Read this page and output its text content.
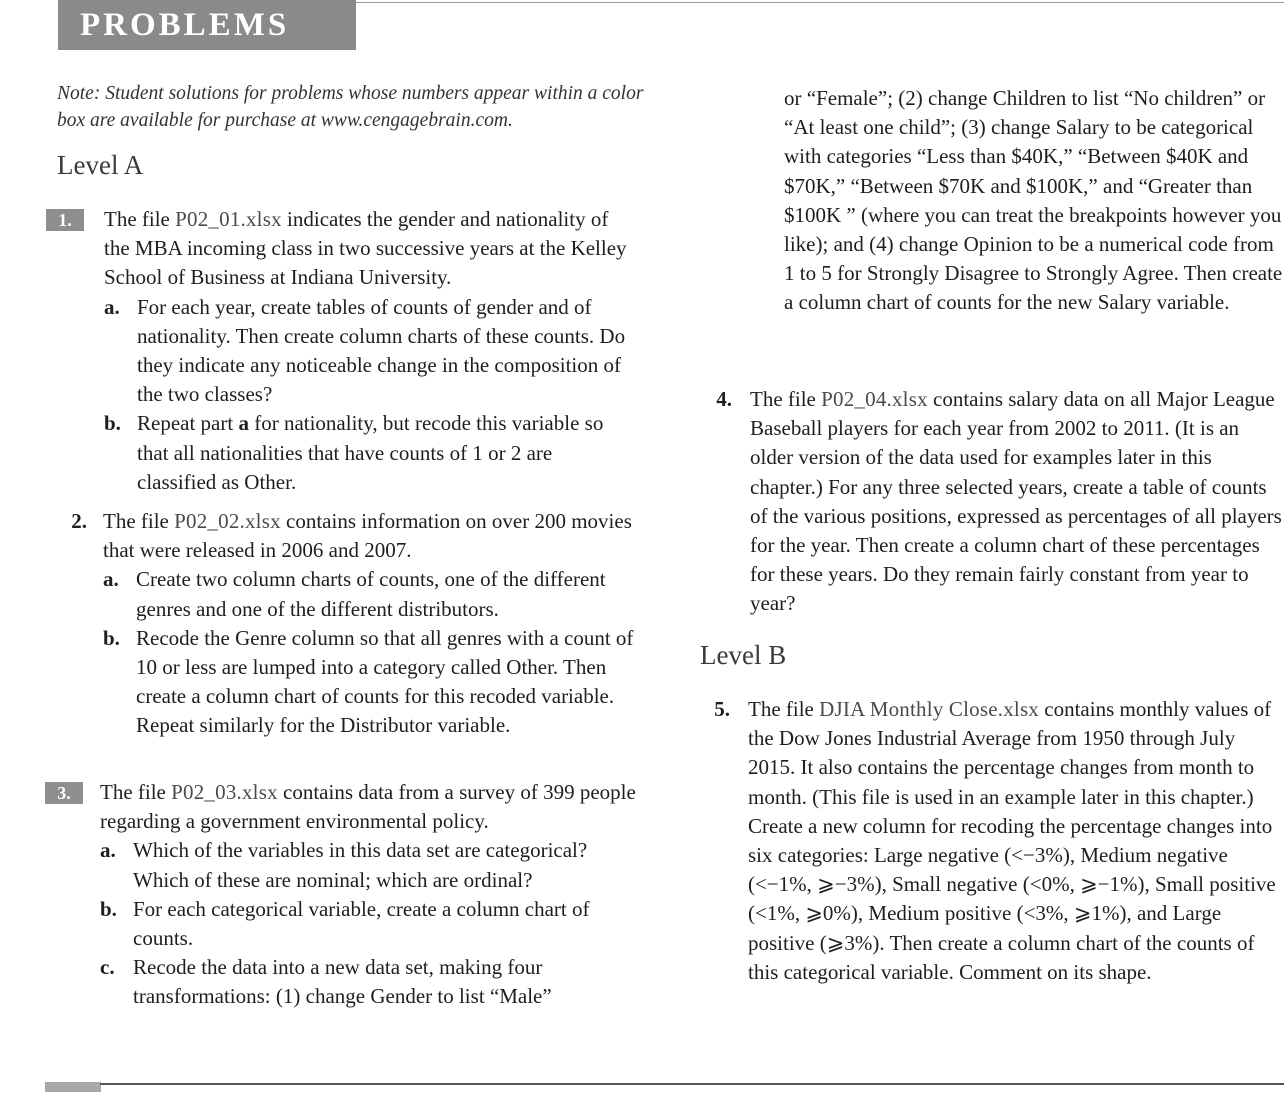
PROBLEMS
Note: Student solutions for problems whose numbers appear within a color box are available for purchase at www.cengagebrain.com.
Level A
1.	The file P02_01.xlsx indicates the gender and nationality of the MBA incoming class in two successive years at the Kelley School of Business at Indiana University.
a. For each year, create tables of counts of gender and of nationality. Then create column charts of these counts. Do they indicate any noticeable change in the composition of the two classes?
b. Repeat part a for nationality, but recode this variable so that all nationalities that have counts of 1 or 2 are classified as Other.
2. The file P02_02.xlsx contains information on over 200 movies that were released in 2006 and 2007.
a. Create two column charts of counts, one of the different genres and one of the different distributors.
b. Recode the Genre column so that all genres with a count of 10 or less are lumped into a category called Other. Then create a column chart of counts for this recoded variable. Repeat similarly for the Distributor variable.
3.	The file P02_03.xlsx contains data from a survey of 399 people regarding a government environmental policy.
a. Which of the variables in this data set are categorical? Which of these are nominal; which are ordinal?
b. For each categorical variable, create a column chart of counts.
c. Recode the data into a new data set, making four transformations: (1) change Gender to list “Male”
or “Female”; (2) change Children to list “No children” or “At least one child”; (3) change Salary to be categorical with categories “Less than $40K,” “Between $40K and $70K,” “Between $70K and $100K,” and “Greater than $100K ” (where you can treat the breakpoints however you like); and (4) change Opinion to be a numerical code from 1 to 5 for Strongly Disagree to Strongly Agree. Then create a column chart of counts for the new Salary variable.
4. The file P02_04.xlsx contains salary data on all Major League Baseball players for each year from 2002 to 2011. (It is an older version of the data used for examples later in this chapter.) For any three selected years, create a table of counts of the various positions, expressed as percentages of all players for the year. Then create a column chart of these percentages for these years. Do they remain fairly constant from year to year?
Level B
5. The file DJIA Monthly Close.xlsx contains monthly values of the Dow Jones Industrial Average from 1950 through July 2015. It also contains the percentage changes from month to month. (This file is used in an example later in this chapter.) Create a new column for recoding the percentage changes into six categories: Large negative (<−3%), Medium negative (<−1%, ⩾−3%), Small negative (<0%, ⩾−1%), Small positive (<1%, ⩾0%), Medium positive (<3%, ⩾1%), and Large positive (⩾3%). Then create a column chart of the counts of this categorical variable. Comment on its shape.
